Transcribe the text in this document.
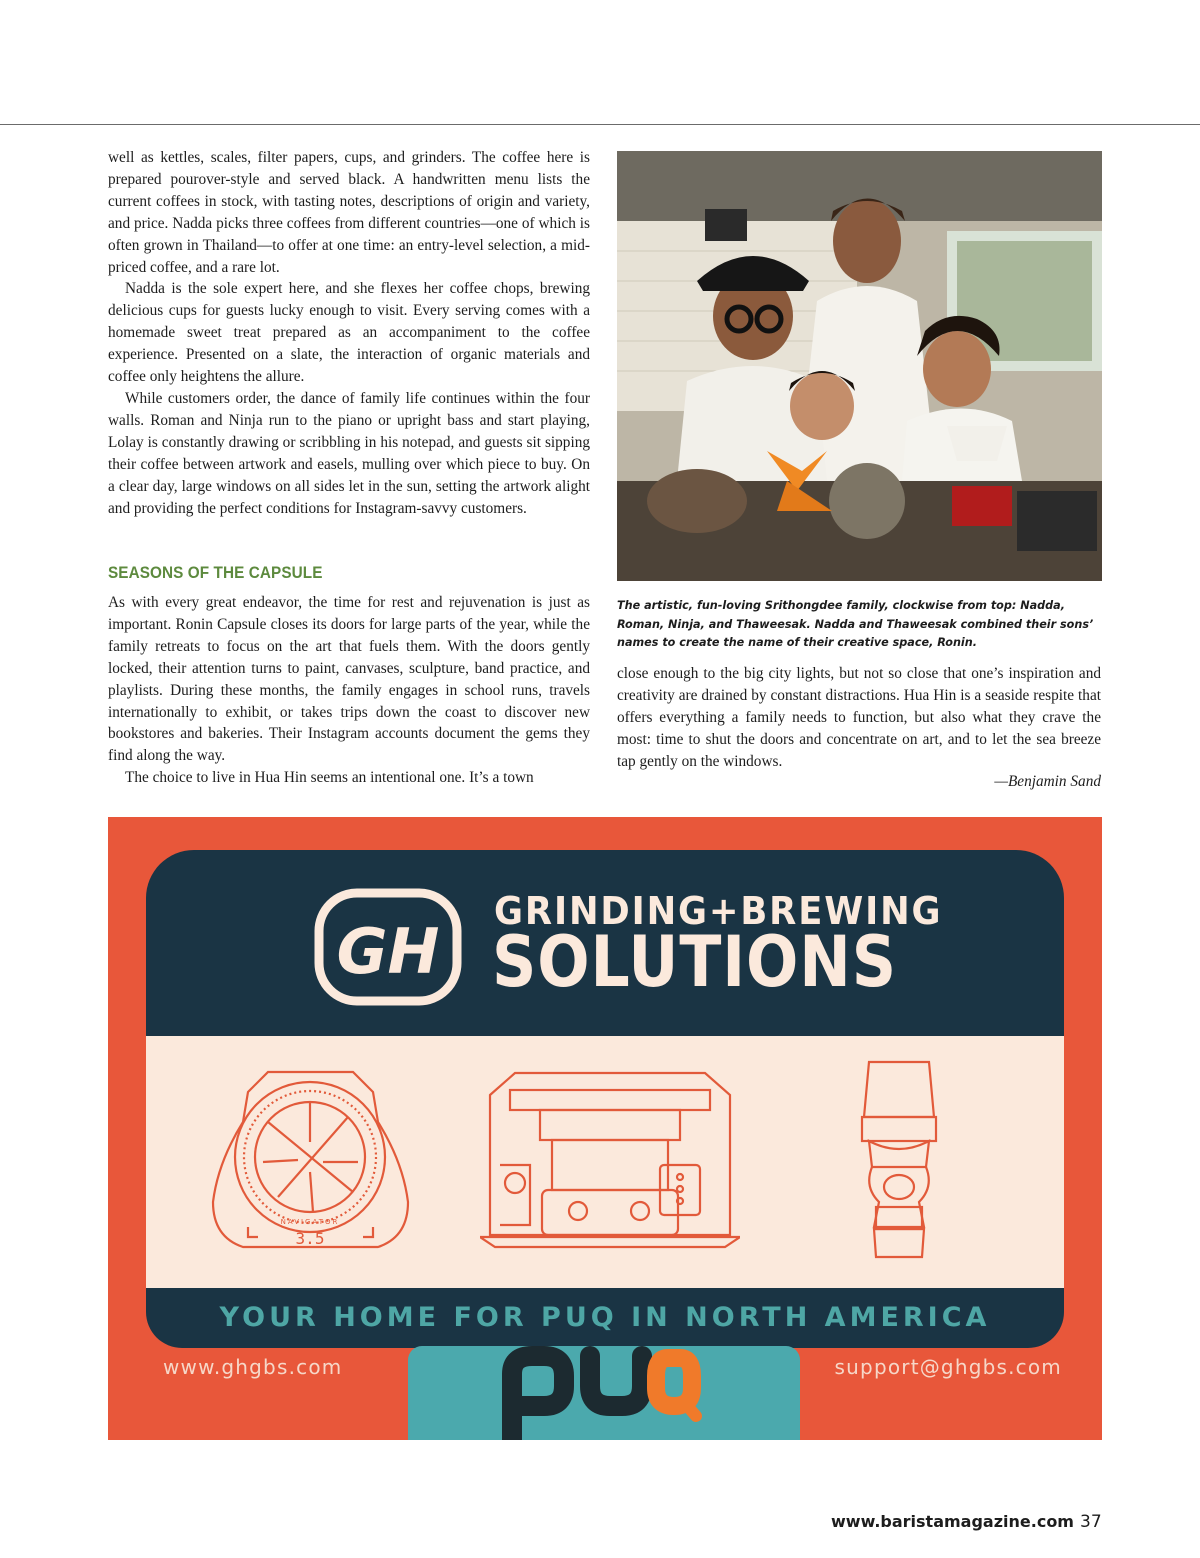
well as kettles, scales, filter papers, cups, and grinders. The coffee here is prepared pourover-style and served black. A handwritten menu lists the current coffees in stock, with tasting notes, descriptions of origin and variety, and price. Nadda picks three coffees from different countries—one of which is often grown in Thailand—to offer at one time: an entry-level selection, a mid-priced coffee, and a rare lot.

Nadda is the sole expert here, and she flexes her coffee chops, brewing delicious cups for guests lucky enough to visit. Every serving comes with a homemade sweet treat prepared as an accompaniment to the coffee experience. Presented on a slate, the interaction of organic materials and coffee only heightens the allure.

While customers order, the dance of family life continues within the four walls. Roman and Ninja run to the piano or upright bass and start playing, Lolay is constantly drawing or scribbling in his notepad, and guests sit sipping their coffee between artwork and easels, mulling over which piece to buy. On a clear day, large windows on all sides let in the sun, setting the artwork alight and providing the perfect conditions for Instagram-savvy customers.

SEASONS OF THE CAPSULE

As with every great endeavor, the time for rest and rejuvenation is just as important. Ronin Capsule closes its doors for large parts of the year, while the family retreats to focus on the art that fuels them. With the doors gently locked, their attention turns to paint, canvases, sculpture, band practice, and playlists. During these months, the family engages in school runs, travels internationally to exhibit, or takes trips down the coast to discover new bookstores and bakeries. Their Instagram accounts document the gems they find along the way.

The choice to live in Hua Hin seems an intentional one. It’s a town

The artistic, fun-loving Srithongdee family, clockwise from top: Nadda, Roman, Ninja, and Thaweesak. Nadda and Thaweesak combined their sons’ names to create the name of their creative space, Ronin.

close enough to the big city lights, but not so close that one’s inspiration and creativity are drained by constant distractions. Hua Hin is a seaside respite that offers everything a family needs to function, but also what they crave the most: time to shut the doors and concentrate on art, and to let the sea breeze tap gently on the windows.

—Benjamin Sand
GH
GRINDING+BREWING
SOLUTIONS
NAVIGATOR
3.5
YOUR HOME FOR PUQ IN NORTH AMERICA
www.ghgbs.com	support@ghgbs.com
www.baristamagazine.com 37
